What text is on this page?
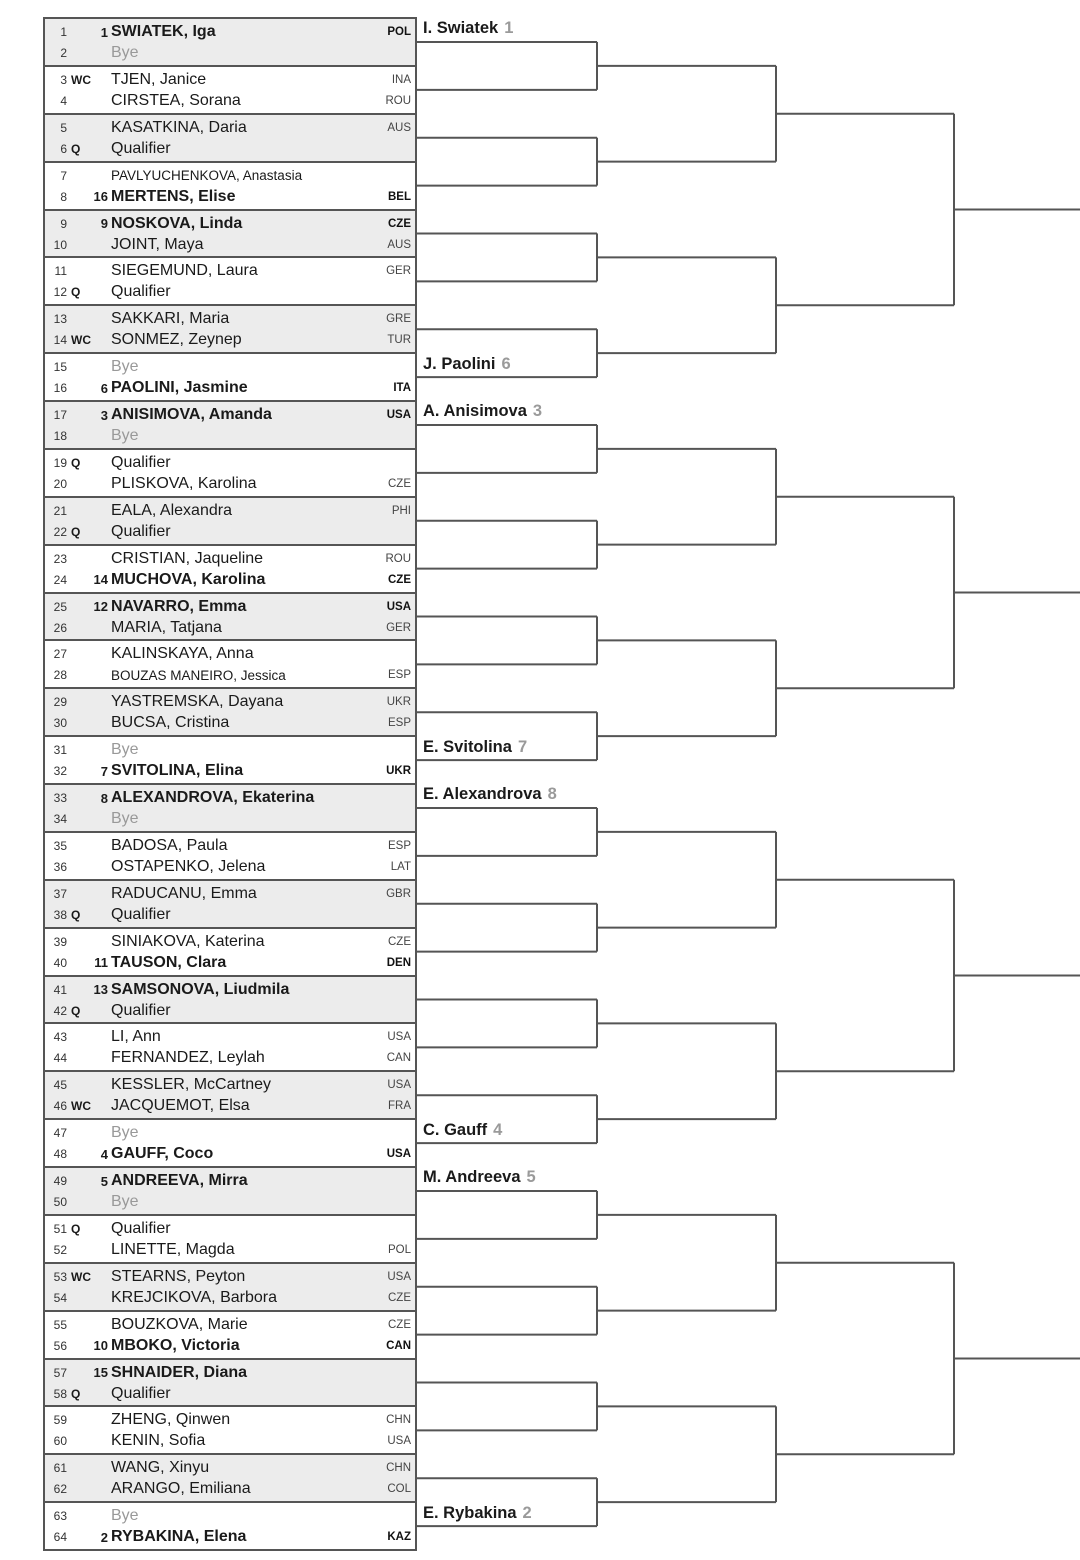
1	1 SWIATEK, Iga	POL
2	Bye
3 WC TJEN, Janice	INA
4	CIRSTEA, Sorana	ROU
5	KASATKINA, Daria	AUS
6 Q	Qualifier
7	PAVLYUCHENKOVA, Anastasia
8 16 MERTENS, Elise	BEL
9	9 NOSKOVA, Linda	CZE
10	JOINT, Maya	AUS
11	SIEGEMUND, Laura	GER
12 Q	Qualifier
13	SAKKARI, Maria	GRE
14 WC SONMEZ, Zeynep	TUR
15	Bye
16	6 PAOLINI, Jasmine	ITA
17	3 ANISIMOVA, Amanda	USA
18	Bye
19 Q	Qualifier
20	PLISKOVA, Karolina	CZE
21	EALA, Alexandra	PHI
22 Q	Qualifier
23	CRISTIAN, Jaqueline	ROU
24 14 MUCHOVA, Karolina	CZE
25 12 NAVARRO, Emma	USA
26	MARIA, Tatjana	GER
27	KALINSKAYA, Anna
28	BOUZAS MANEIRO, Jessica	ESP
29	YASTREMSKA, Dayana	UKR
30	BUCSA, Cristina	ESP
31	Bye
32	7 SVITOLINA, Elina	UKR
33	8 ALEXANDROVA, Ekaterina
34	Bye
35	BADOSA, Paula	ESP
36	OSTAPENKO, Jelena	LAT
37	RADUCANU, Emma	GBR
38 Q	Qualifier
39	SINIAKOVA, Katerina	CZE
40 11 TAUSON, Clara	DEN
41 13 SAMSONOVA, Liudmila
42 Q	Qualifier
43	LI, Ann	USA
44	FERNANDEZ, Leylah	CAN
45	KESSLER, McCartney	USA
46 WC JACQUEMOT, Elsa	FRA
47	Bye
48	4 GAUFF, Coco	USA
49	5 ANDREEVA, Mirra
50	Bye
51 Q	Qualifier
52	LINETTE, Magda	POL
53 WC STEARNS, Peyton	USA
54	KREJCIKOVA, Barbora	CZE
55	BOUZKOVA, Marie	CZE
56 10 MBOKO, Victoria	CAN
57 15 SHNAIDER, Diana
58 Q	Qualifier
59	ZHENG, Qinwen	CHN
60	KENIN, Sofia	USA
61	WANG, Xinyu	CHN
62	ARANGO, Emiliana	COL
63	Bye
64	2 RYBAKINA, Elena	KAZ
I. Swiatek 1
J. Paolini 6
A. Anisimova 3
E. Svitolina 7
E. Alexandrova 8
C. Gauff 4
M. Andreeva 5
E. Rybakina 2
